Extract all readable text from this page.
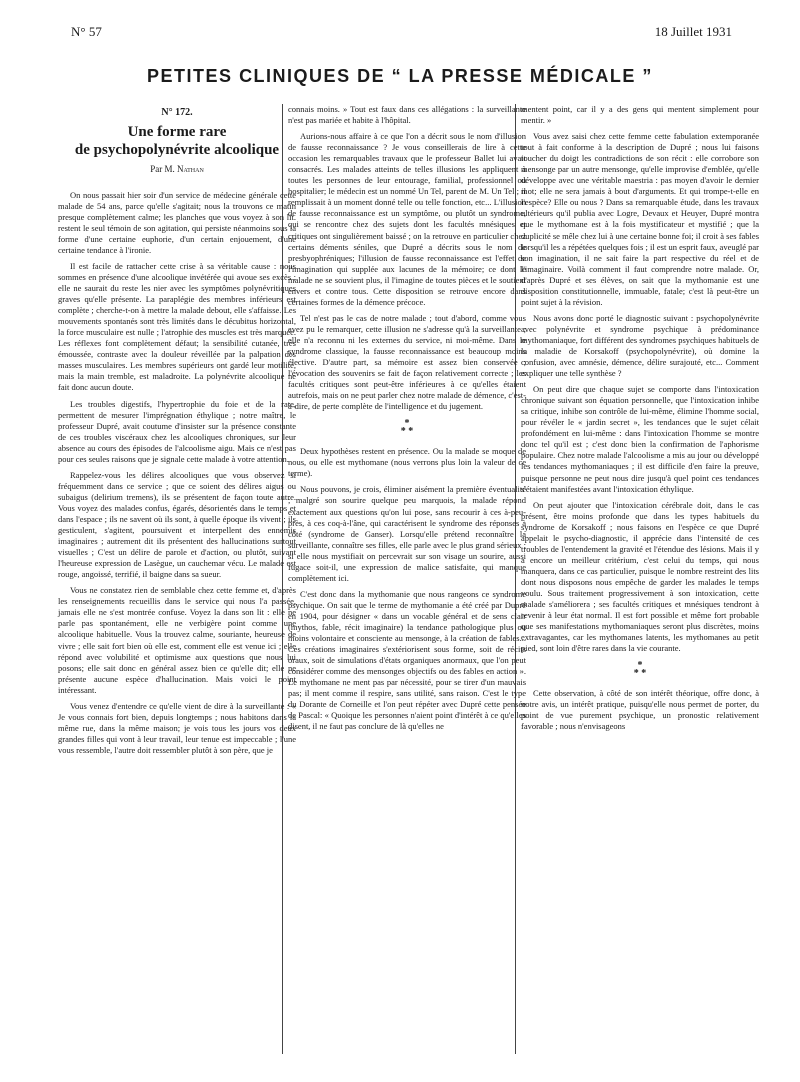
N° 57	18 Juillet 1931
PETITES CLINIQUES DE “ LA PRESSE MÉDICALE ”
N° 172.
Une forme rare
de psychopolynévrite alcoolique
Par M. Nathan

On nous passait hier soir d'un service de médecine générale cette malade de 54 ans, parce qu'elle s'agitait; nous la trouvons ce matin presque complètement calme; les planches que vous voyez à son lit. restent le seul témoin de son agitation, qui persiste néanmoins sous la forme d'une certaine euphorie, d'un certain enjouement, d'une certaine tendance à l'ironie.

Il est facile de rattacher cette crise à sa véritable cause : nous sommes en présence d'une alcoolique invétérée qui avoue ses excès ; elle ne saurait du reste les nier avec les symptômes polynévritiques graves qu'elle présente. La paraplégie des membres inférieurs est complète ; cherche-t-on à mettre la malade debout, elle s'affaisse. Les mouvements spontanés sont très limités dans le décubitus horizontal, la force musculaire est nulle ; l'atrophie des muscles est très marquée. Les réflexes font complètement défaut; la sensibilité cutanée, très émoussée, contraste avec la douleur réveillée par la palpation des masses musculaires. Les membres supérieurs ont gardé leur motilité, mais la main tremble, est maladroite. La polynévrite alcoolique ne fait donc aucun doute.

Les troubles digestifs, l'hypertrophie du foie et de la rate, permettent de mesurer l'imprégnation éthylique ; notre maître, le professeur Dupré, avait coutume d'insister sur la présence constante de ces troubles viscéraux chez les alcooliques chroniques, sur leur absence au cours des épisodes de l'alcoolisme aigu. Mais ce n'est pas pour ces seules raisons que je signale cette malade à votre attention.

Rappelez-vous les délires alcooliques que vous observez si fréquemment dans ce service ; que ce soient des délires aigus ou subaigus (delirium tremens), ils se présentent de façon toute autre. Vous voyez des malades confus, égarés, désorientés dans le temps et dans l'espace ; ils ne savent où ils sont, à quelle époque ils vivent ; ils gesticulent, s'agitent, poursuivent et interpellent des ennemis imaginaires ; autrement dit ils présentent des hallucinations surtout visuelles ; C'est un délire de parole et d'action, ou plutôt, suivant l'heureuse expression de Lasègue, un cauchemar vécu. Le malade est rouge, angoissé, terrifié, il baigne dans sa sueur.

Vous ne constatez rien de semblable chez cette femme et, d'après les renseignements recueillis dans le service qui nous l'a passée, jamais elle ne s'est montrée confuse. Voyez la dans son lit : elle ne parle pas spontanément, elle ne verbigère point comme une alcoolique habituelle. Vous la trouvez calme, souriante, heureuse de vivre ; elle sait fort bien où elle est, comment elle est venue ici ; elle répond avec volubilité et optimisme aux questions que nous lui posons; elle sait donc en général assez bien ce qu'elle dit; elle ne présente aucune espèce d'hallucination. Mais voici le point intéressant.

Vous venez d'entendre ce qu'elle vient de dire à la surveillante : « Je vous connais fort bien, depuis longtemps ; nous habitons dans la même rue, dans la même maison; je vois tous les jours vos deux grandes filles qui vont à leur travail, leur tenue est impeccable ; l'une vous ressemble, l'autre doit ressembler plutôt à son père, que je

connais moins. » Tout est faux dans ces allégations : la surveillante n'est pas mariée et habite à l'hôpital.

Aurions-nous affaire à ce que l'on a décrit sous le nom d'illusion de fausse reconnaissance ? Je vous conseillerais de lire à cette occasion les remarquables travaux que le professeur Ballet lui avait consacrés. Les malades atteints de telles illusions les appliquent à toutes les personnes de leur entourage, familial, professionnel ou hospitalier; le médecin est un nommé Un Tel, parent de M. Un Tel ; il remplissait à un moment donné telle ou telle fonction, etc... L'illusion de fausse reconnaissance est un symptôme, ou plutôt un syndrome, qui se rencontre chez des sujets dont les facultés mnésiques et critiques ont singulièrement baissé ; on la retrouve en particulier chez certains déments séniles, que Dupré a décrits sous le nom de presbyophréniques; l'illusion de fausse reconnaissance est l'effet de l'imagination qui supplée aux lacunes de la mémoire; ce dont le malade ne se souvient plus, il l'imagine de toutes pièces et le soutient envers et contre tous. Cette disposition se retrouve encore dans certaines formes de la démence précoce.

Tel n'est pas le cas de notre malade ; tout d'abord, comme vous avez pu le remarquer, cette illusion ne s'adresse qu'à la surveillante ; elle n'a reconnu ni les externes du service, ni moi-même. Dans le syndrome classique, la fausse reconnaissance est beaucoup moins élective. D'autre part, sa mémoire est assez bien conservée ; l'évocation des souvenirs se fait de façon relativement correcte ; les facultés critiques sont peut-être inférieures à ce qu'elles étaient autrefois, mais on ne peut parler chez notre malade de démence, c'est-à-dire, de perte complète de l'intelligence et du jugement.

*
* *

Deux hypothèses restent en présence. Ou la malade se moque de nous, ou elle est mythomane (nous verrons plus loin la valeur de ce terme).

Nous pouvons, je crois, éliminer aisément la première éventualité ; malgré son sourire quelque peu marquois, la malade répond exactement aux questions qu'on lui pose, sans recourir à ces à-peu-près, à ces coq-à-l'âne, qui caractérisent le syndrome des réponses à côté (syndrome de Ganser). Lorsqu'elle prétend reconnaître la surveillante, connaître ses filles, elle parle avec le plus grand sérieux ; si elle nous mystifiait on percevrait sur son visage un sourire, aussi fugace soit-il, une expression de malice satisfaite, qui manque complètement ici.

C'est donc dans la mythomanie que nous rangeons ce syndrome psychique. On sait que le terme de mythomanie a été créé par Dupré en 1904, pour désigner « dans un vocable général et de sens clair (mythos, fable, récit imaginaire) la tendance pathologique plus ou moins volontaire et consciente au mensonge, à la création de fables... Ces créations imaginaires s'extériorisent sous forme, soit de récits oraux, soit de simulations d'états organiques anormaux, que l'on peut considérer comme des mensonges objectifs ou des fables en action ». Le mythomane ne ment pas par nécessité, pour se tirer d'un mauvais pas; il ment comme il respire, sans utilité, sans raison. C'est le type du Dorante de Corneille et l'on peut répéter avec Dupré cette pensée de Pascal: « Quoique les personnes n'aient point d'intérêt à ce qu'elles disent, il ne faut pas conclure de là qu'elles ne

mentent point, car il y a des gens qui mentent simplement pour mentir. »

Vous avez saisi chez cette femme cette fabulation extemporanée tout à fait conforme à la description de Dupré ; nous lui faisons toucher du doigt les contradictions de son récit : elle corrobore son mensonge par un autre mensonge, qu'elle improvise d'emblée, qu'elle développe avec une véritable maestria : pas moyen d'avoir le dernier mot; elle ne sera jamais à bout d'arguments. Et qui trompe-t-elle en l'espèce? Elle ou nous ? Dans sa remarquable étude, dans les travaux ultérieurs qu'il publia avec Logre, Devaux et Heuyer, Dupré montra que le mythomane est à la fois mystificateur et mystifié ; que la duplicité se mêle chez lui à une certaine bonne foi; il croit à ses fables lorsqu'il les a répétées quelques fois ; il est un esprit faux, aveuglé par son imagination, il ne sait faire la part respective du réel et de l'imaginaire. Voilà comment il faut comprendre notre malade. Or, d'après Dupré et ses élèves, on sait que la mythomanie est une disposition constitutionnelle, immuable, fatale; c'est là peut-être un point sujet à la révision.

Nous avons donc porté le diagnostic suivant : psychopolynévrite avec polynévrite et syndrome psychique à prédominance mythomaniaque, fort différent des syndromes psychiques habituels de la maladie de Korsakoff (psychopolynévrite), où domine la confusion, avec amnésie, démence, délire surajouté, etc... Comment expliquer une telle synthèse ?

On peut dire que chaque sujet se comporte dans l'intoxication chronique suivant son équation personnelle, que l'intoxication inhibe sa critique, inhibe son contrôle de lui-même, élimine l'homme social, pour révéler le « jardin secret », les tendances que le sujet célait profondément en lui-même : dans l'intoxication l'homme se montre donc tel qu'il est ; c'est donc bien la confirmation de l'aphorisme populaire. Chez notre malade l'alcoolisme a mis au jour ou développé les tendances mythomaniaques ; il est difficile d'en faire la preuve, puisque personne ne peut nous dire jusqu'à quel point ces tendances s'étaient manifestées avant l'intoxication éthylique.

On peut ajouter que l'intoxication cérébrale doit, dans le cas présent, être moins profonde que dans les types habituels du syndrome de Korsakoff ; nous faisons en l'espèce ce que Dupré appelait le psycho-diagnostic, il apprécie dans l'intensité de ces troubles de l'entendement la gravité et l'étendue des lésions. Mais il y a encore un meilleur critérium, c'est celui du temps, qui nous manquera, dans ce cas particulier, puisque le nombre restreint des lits dont nous disposons nous empêche de garder les malades le temps voulu. Sous traitement progressivement à son intoxication, cette malade s'améliorera ; ses facultés critiques et mnésiques tendront à revenir à leur état normal. Il est fort possible et même fort probable que ses manifestations mythomaniaques seront plus discrètes, moins extravagantes, car les mythomanes latents, les mythomanes au petit pied, sont loin d'être rares dans la vie courante.

*
* *

Cette observation, à côté de son intérêt théorique, offre donc, à notre avis, un intérêt pratique, puisqu'elle nous permet de porter, du point de vue purement psychique, un pronostic relativement favorable ; nous n'envisageons
